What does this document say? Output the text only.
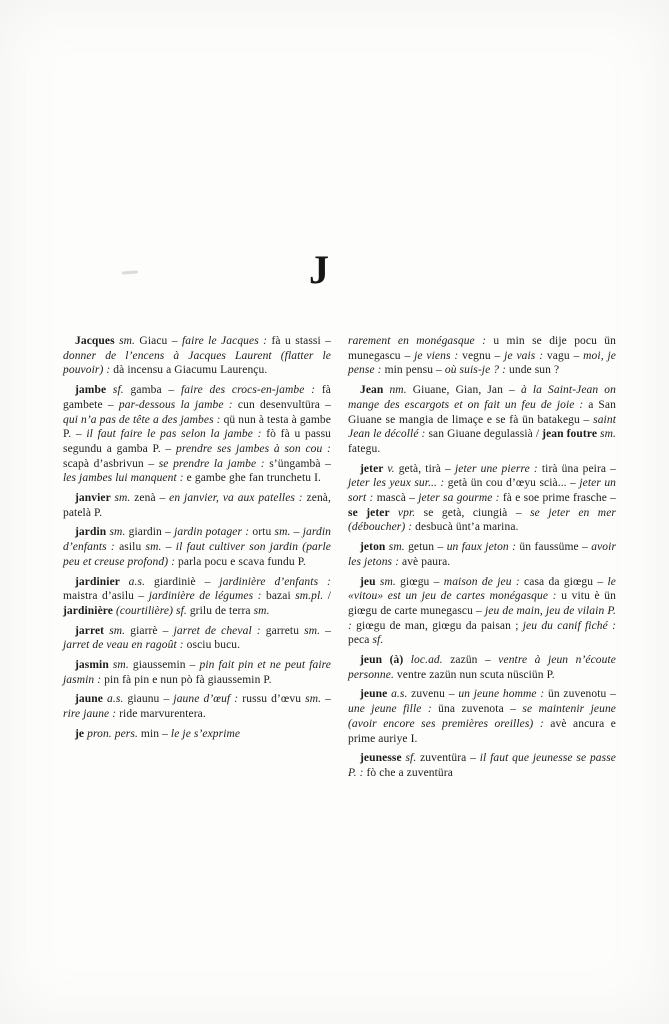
J

Jacques sm. Giacu – faire le Jacques : fà u stassi – donner de l’encens à Jacques Laurent (flatter le pouvoir) : dà incensu a Giacumu Laurençu.

jambe sf. gamba – faire des crocs-en-jambe : fà gambete – par-dessous la jambe : cun desenvultüra – qui n’a pas de tête a des jambes : qü nun à testa à gambe P. – il faut faire le pas selon la jambe : fò fà u passu segundu a gamba P. – prendre ses jambes à son cou : scapà d’asbrivun – se prendre la jambe : s’üngambà – les jambes lui manquent : e gambe ghe fan trunchetu I.

janvier sm. zenà – en janvier, va aux patelles : zenà, patelà P.

jardin sm. giardin – jardin potager : ortu sm. – jardin d’enfants : asilu sm. – il faut cultiver son jardin (parle peu et creuse profond) : parla pocu e scava fundu P.

jardinier a.s. giardiniè – jardinière d’enfants : maistra d’asilu – jardinière de légumes : bazai sm.pl. / jardinière (courtilière) sf. grilu de terra sm.

jarret sm. giarrè – jarret de cheval : garretu sm. – jarret de veau en ragoût : osciu bucu.

jasmin sm. giaussemin – pin fait pin et ne peut faire jasmin : pin fà pin e nun pò fà giaussemin P.

jaune a.s. giaunu – jaune d’œuf : russu d’œvu sm. – rire jaune : ride marvurentera.

je pron. pers. min – le je s’exprime

rarement en monégasque : u min se dije pocu ün munegascu – je viens : vegnu – je vais : vagu – moi, je pense : min pensu – où suis-je ? : unde sun ?

Jean nm. Giuane, Gian, Jan – à la Saint-Jean on mange des escargots et on fait un feu de joie : a San Giuane se mangia de limaçe e se fà ün batakegu – saint Jean le décollé : san Giuane degulassià / jean foutre sm. fategu.

jeter v. getà, tirà – jeter une pierre : tirà üna peira – jeter les yeux sur... : getà ün cou d’œyu scià... – jeter un sort : mascà – jeter sa gourme : fà e soe prime frasche – se jeter vpr. se getà, ciungià – se jeter en mer (déboucher) : desbucà ünt’a marina.

jeton sm. getun – un faux jeton : ün faussüme – avoir les jetons : avè paura.

jeu sm. giœgu – maison de jeu : casa da giœgu – le «vitou» est un jeu de cartes monégasque : u vitu è ün giœgu de carte munegascu – jeu de main, jeu de vilain P. : giœgu de man, giœgu da paisan ; jeu du canif fiché : peca sf.

jeun (à) loc.ad. zazün – ventre à jeun n’écoute personne. ventre zazün nun scuta nüsciün P.

jeune a.s. zuvenu – un jeune homme : ün zuvenotu – une jeune fille : üna zuvenota – se maintenir jeune (avoir encore ses premières oreilles) : avè ancura e prime auriye I.

jeunesse sf. zuventüra – il faut que jeunesse se passe P. : fò che a zuventüra
